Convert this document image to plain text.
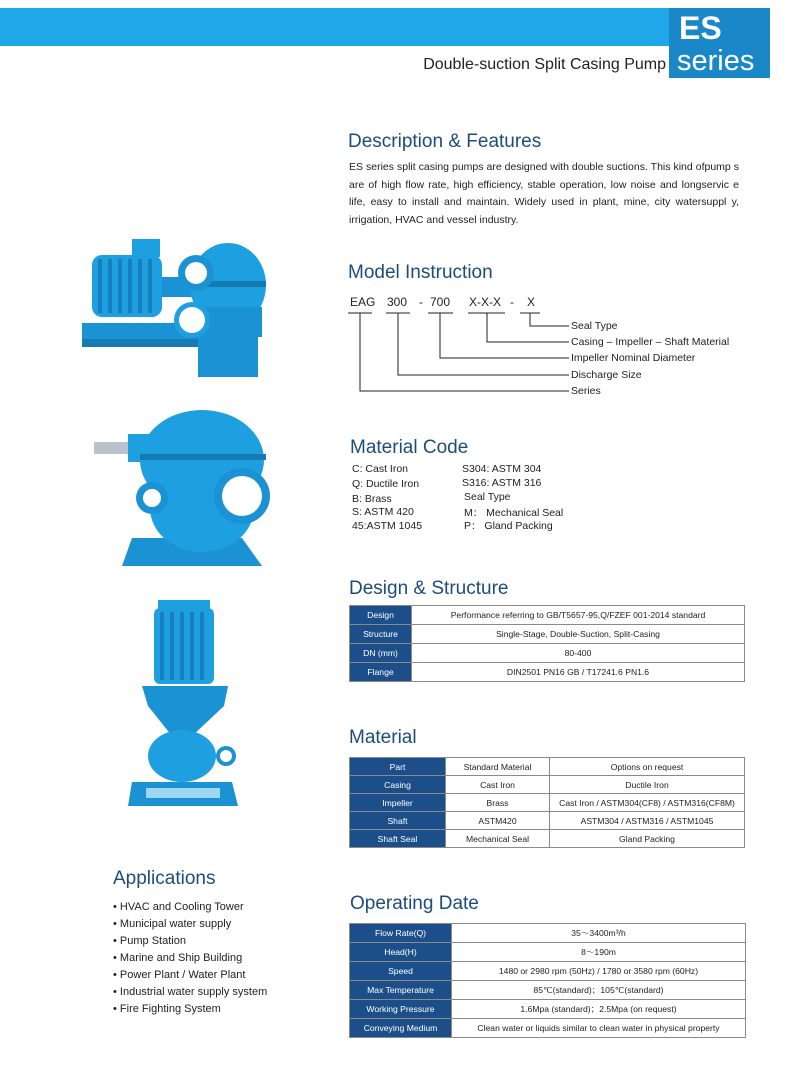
ES
series
Double-suction Split Casing Pump
Description & Features
ES series split casing pumps are designed with double suctions. This kind ofpump s are of high flow rate, high efficiency, stable operation, low noise and longservic e life, easy to install and maintain. Widely used in plant, mine, city watersuppl y, irrigation, HVAC and vessel industry.
Model Instruction
EAG 300 - 700 X-X-X - X
Seal Type
Casing – Impeller – Shaft Material
Impeller Nominal Diameter
Discharge Size
Series
Material Code
C: Cast Iron
Q: Ductile Iron
B: Brass
S: ASTM 420
45:ASTM 1045
S304: ASTM 304
S316: ASTM 316
Seal Type
M： Mechanical Seal
P： Gland Packing
Design & Structure
Design	Performance referring to GB/T5657-95,Q/FZEF 001-2014 standard
Structure	Single-Stage, Double-Suction, Split-Casing
DN (mm)	80-400
Flange	DIN2501 PN16 GB / T17241.6 PN1.6
Material
Part	Standard Material	Options on request
Casing	Cast Iron	Ductile Iron
Impeller	Brass	Cast Iron / ASTM304(CF8) / ASTM316(CF8M)
Shaft	ASTM420	ASTM304 / ASTM316 / ASTM1045
Shaft Seal	Mechanical Seal	Gland Packing
Applications
• HVAC and Cooling Tower
• Municipal water supply
• Pump Station
• Marine and Ship Building
• Power Plant / Water Plant
• Industrial water supply system
• Fire Fighting System
Operating Date
Flow Rate(Q)	35～3400m³/h
Head(H)	8～190m
Speed	1480 or 2980 rpm (50Hz) / 1780 or 3580 rpm (60Hz)
Max Temperature	85℃(standard)；105℃(standard)
Working Pressure	1.6Mpa (standard)；2.5Mpa (on request)
Conveying Medium	Clean water or liquids similar to clean water in physical property
